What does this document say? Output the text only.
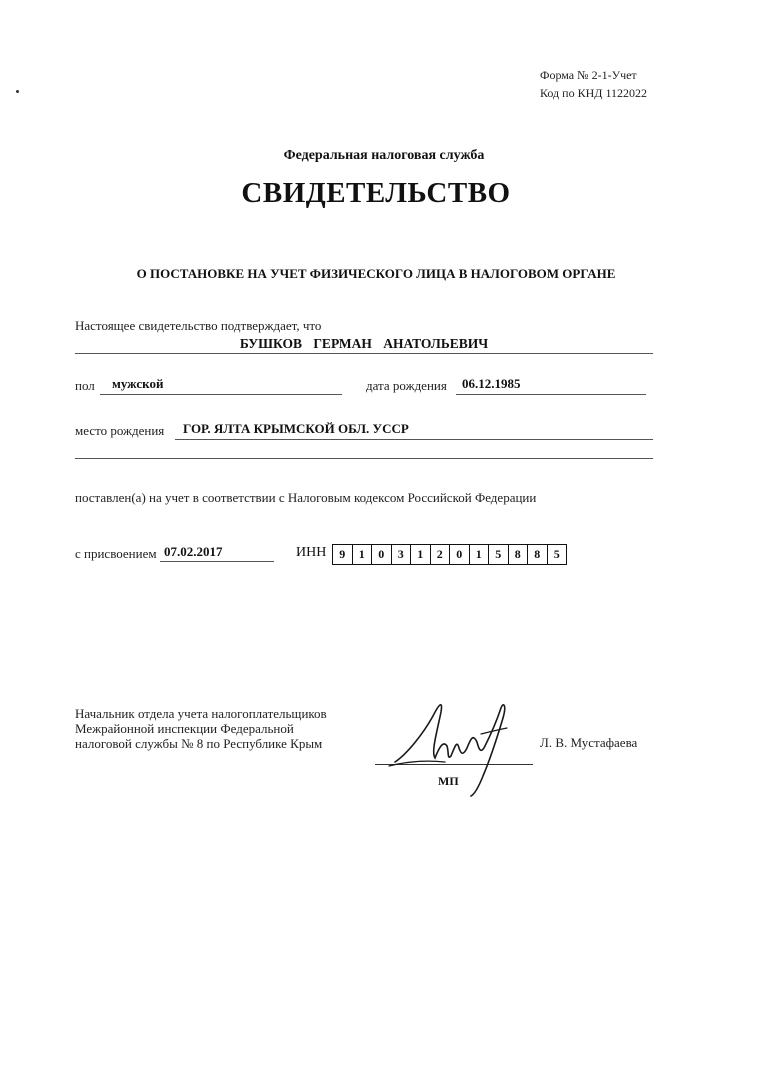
Форма № 2-1-Учет
Код по КНД 1122022
Федеральная налоговая служба
СВИДЕТЕЛЬСТВО
О ПОСТАНОВКЕ НА УЧЕТ ФИЗИЧЕСКОГО ЛИЦА В НАЛОГОВОМ ОРГАНЕ
Настоящее свидетельство подтверждает, что
БУШКОВ ГЕРМАН АНАТОЛЬЕВИЧ
пол мужской	дата рождения 06.12.1985
место рождения ГОР. ЯЛТА КРЫМСКОЙ ОБЛ. УССР
поставлен(а) на учет в соответствии с Налоговым кодексом Российской Федерации
с присвоением 07.02.2017	ИНН	9	1	0	3	1	2	0	1	5	8	8	5
Начальник отдела учета налогоплательщиков
Межрайонной инспекции Федеральной
налоговой службы № 8 по Республике Крым
МП
Л. В. Мустафаева
